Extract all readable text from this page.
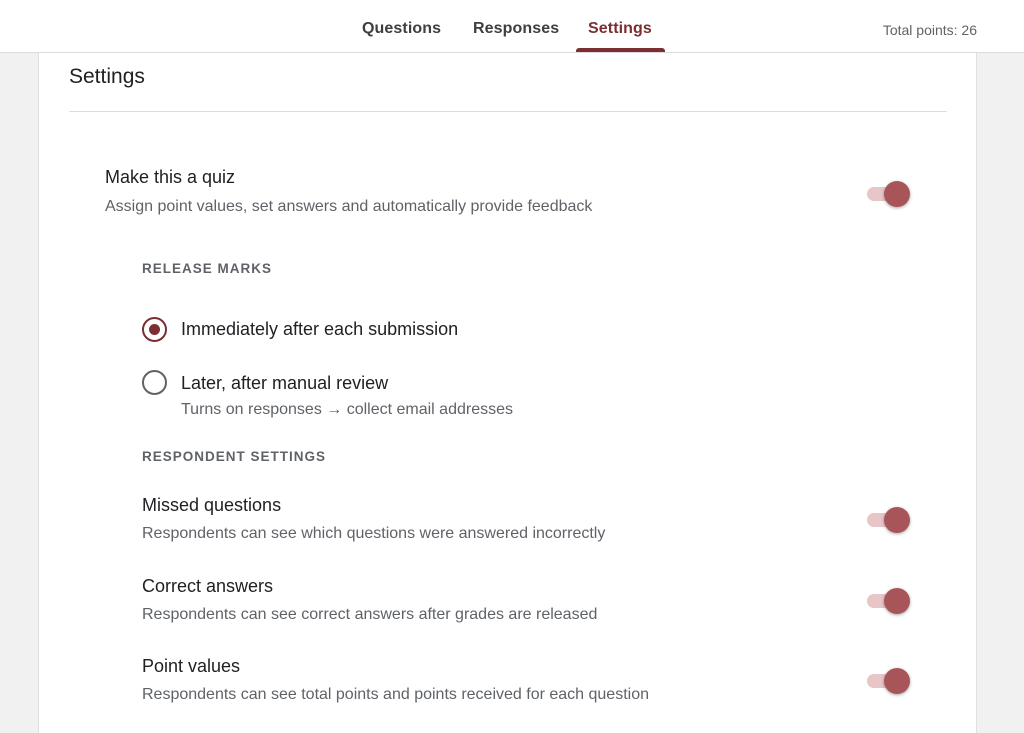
Questions Responses Settings	Total points: 26
Settings
Make this a quiz
Assign point values, set answers and automatically provide feedback
RELEASE MARKS
Immediately after each submission
Later, after manual review
Turns on responses → collect email addresses
RESPONDENT SETTINGS
Missed questions
Respondents can see which questions were answered incorrectly
Correct answers
Respondents can see correct answers after grades are released
Point values
Respondents can see total points and points received for each question
